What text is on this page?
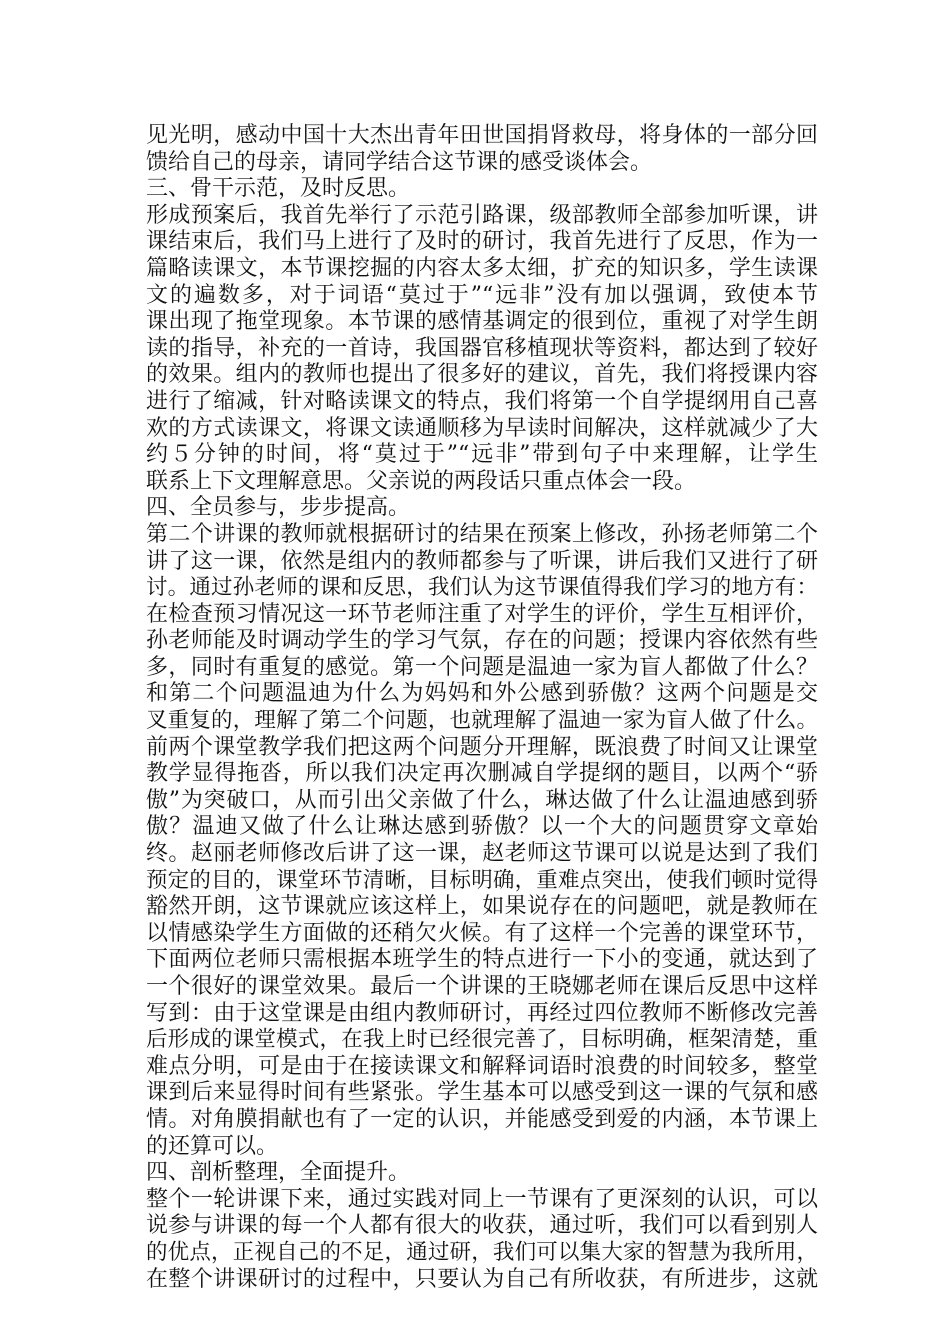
见光明，感动中国十大杰出青年田世国捐肾救母，将身体的一部分回
馈给自己的母亲，请同学结合这节课的感受谈体会。
三、骨干示范，及时反思。
形成预案后，我首先举行了示范引路课，级部教师全部参加听课，讲
课结束后，我们马上进行了及时的研讨，我首先进行了反思，作为一
篇略读课文，本节课挖掘的内容太多太细，扩充的知识多，学生读课
文的遍数多，对于词语“莫过于”“远非”没有加以强调，致使本节
课出现了拖堂现象。本节课的感情基调定的很到位，重视了对学生朗
读的指导，补充的一首诗，我国器官移植现状等资料，都达到了较好
的效果。组内的教师也提出了很多好的建议，首先，我们将授课内容
进行了缩减，针对略读课文的特点，我们将第一个自学提纲用自己喜
欢的方式读课文，将课文读通顺移为早读时间解决，这样就减少了大
约５分钟的时间，将“莫过于”“远非”带到句子中来理解，让学生
联系上下文理解意思。父亲说的两段话只重点体会一段。
四、全员参与，步步提高。
第二个讲课的教师就根据研讨的结果在预案上修改，孙扬老师第二个
讲了这一课，依然是组内的教师都参与了听课，讲后我们又进行了研
讨。通过孙老师的课和反思，我们认为这节课值得我们学习的地方有：
在检查预习情况这一环节老师注重了对学生的评价，学生互相评价，
孙老师能及时调动学生的学习气氛，存在的问题；授课内容依然有些
多，同时有重复的感觉。第一个问题是温迪一家为盲人都做了什么？
和第二个问题温迪为什么为妈妈和外公感到骄傲？这两个问题是交
叉重复的，理解了第二个问题，也就理解了温迪一家为盲人做了什么。
前两个课堂教学我们把这两个问题分开理解，既浪费了时间又让课堂
教学显得拖沓，所以我们决定再次删减自学提纲的题目，以两个“骄
傲”为突破口，从而引出父亲做了什么，琳达做了什么让温迪感到骄
傲？温迪又做了什么让琳达感到骄傲？以一个大的问题贯穿文章始
终。赵丽老师修改后讲了这一课，赵老师这节课可以说是达到了我们
预定的目的，课堂环节清晰，目标明确，重难点突出，使我们顿时觉得
豁然开朗，这节课就应该这样上，如果说存在的问题吧，就是教师在
以情感染学生方面做的还稍欠火候。有了这样一个完善的课堂环节，
下面两位老师只需根据本班学生的特点进行一下小的变通，就达到了
一个很好的课堂效果。最后一个讲课的王晓娜老师在课后反思中这样
写到：由于这堂课是由组内教师研讨，再经过四位教师不断修改完善
后形成的课堂模式，在我上时已经很完善了，目标明确，框架清楚，重
难点分明，可是由于在接读课文和解释词语时浪费的时间较多，整堂
课到后来显得时间有些紧张。学生基本可以感受到这一课的气氛和感
情。对角膜捐献也有了一定的认识，并能感受到爱的内涵，本节课上
的还算可以。
四、剖析整理，全面提升。
整个一轮讲课下来，通过实践对同上一节课有了更深刻的认识，可以
说参与讲课的每一个人都有很大的收获，通过听，我们可以看到别人
的优点，正视自己的不足，通过研，我们可以集大家的智慧为我所用，
在整个讲课研讨的过程中，只要认为自己有所收获，有所进步，这就
